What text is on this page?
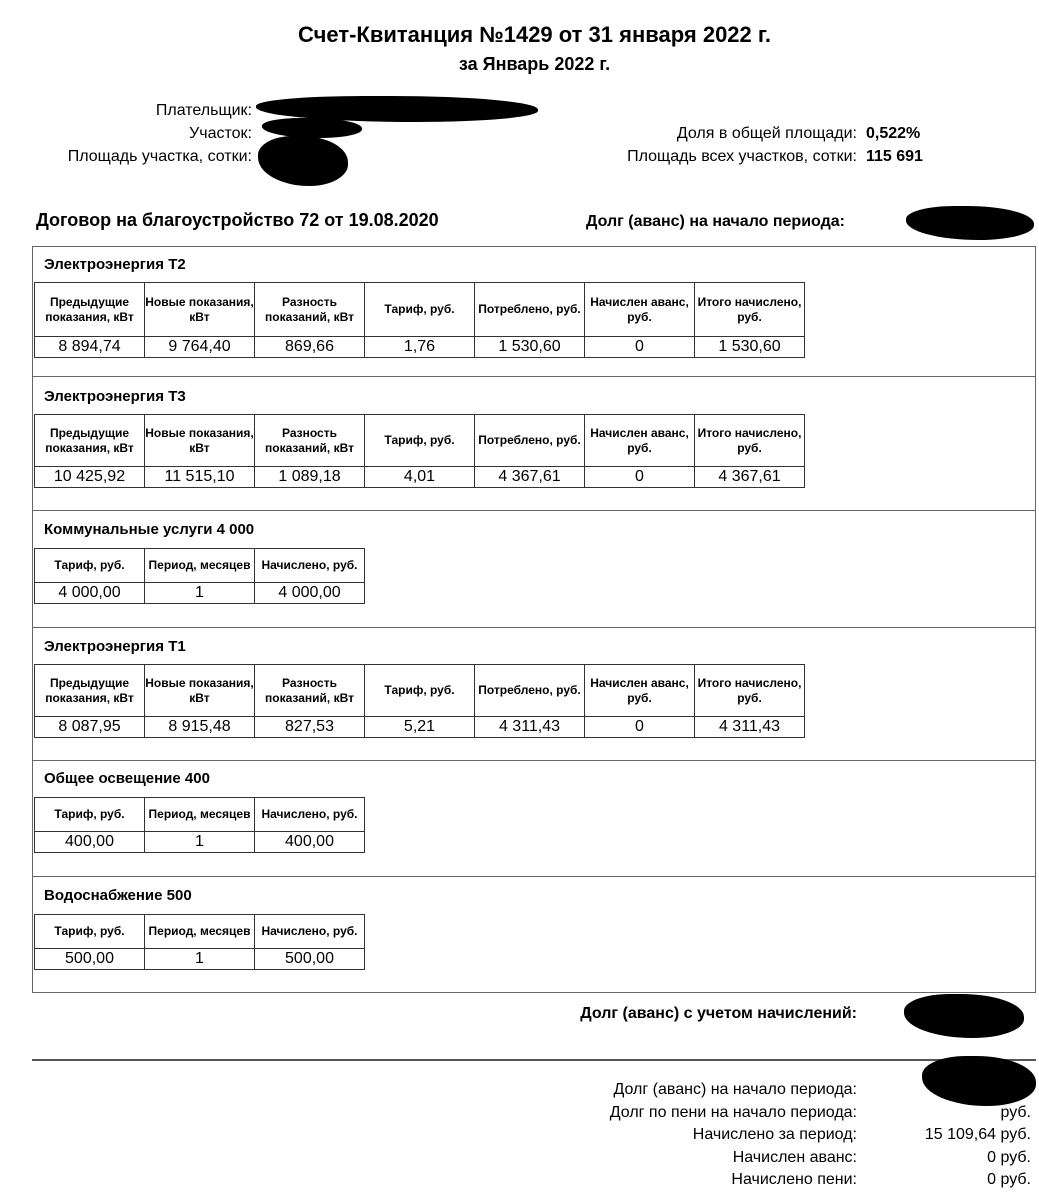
Счет-Квитанция №1429 от 31 января 2022 г.
за Январь 2022 г.
Плательщик:
Участок:
Площадь участка, сотки:
Доля в общей площади: 0,522%
Площадь всех участков, сотки: 115 691
Договор на благоустройство 72 от 19.08.2020	Долг (аванс) на начало периода:
Электроэнергия Т2
Предыдущие показания, кВт	Новые показания, кВт	Разность показаний, кВт	Тариф, руб.	Потреблено, руб.	Начислен аванс, руб.	Итого начислено, руб.
8 894,74	9 764,40	869,66	1,76	1 530,60	0	1 530,60
Электроэнергия Т3
Предыдущие показания, кВт	Новые показания, кВт	Разность показаний, кВт	Тариф, руб.	Потреблено, руб.	Начислен аванс, руб.	Итого начислено, руб.
10 425,92	11 515,10	1 089,18	4,01	4 367,61	0	4 367,61
Коммунальные услуги 4 000
Тариф, руб.	Период, месяцев	Начислено, руб.
4 000,00	1	4 000,00
Электроэнергия Т1
Предыдущие показания, кВт	Новые показания, кВт	Разность показаний, кВт	Тариф, руб.	Потреблено, руб.	Начислен аванс, руб.	Итого начислено, руб.
8 087,95	8 915,48	827,53	5,21	4 311,43	0	4 311,43
Общее освещение 400
Тариф, руб.	Период, месяцев	Начислено, руб.
400,00	1	400,00
Водоснабжение 500
Тариф, руб.	Период, месяцев	Начислено, руб.
500,00	1	500,00
Долг (аванс) с учетом начислений:
Долг (аванс) на начало периода:
Долг по пени на начало периода:	руб.
Начислено за период:	15 109,64 руб.
Начислен аванс:	0 руб.
Начислено пени:	0 руб.
